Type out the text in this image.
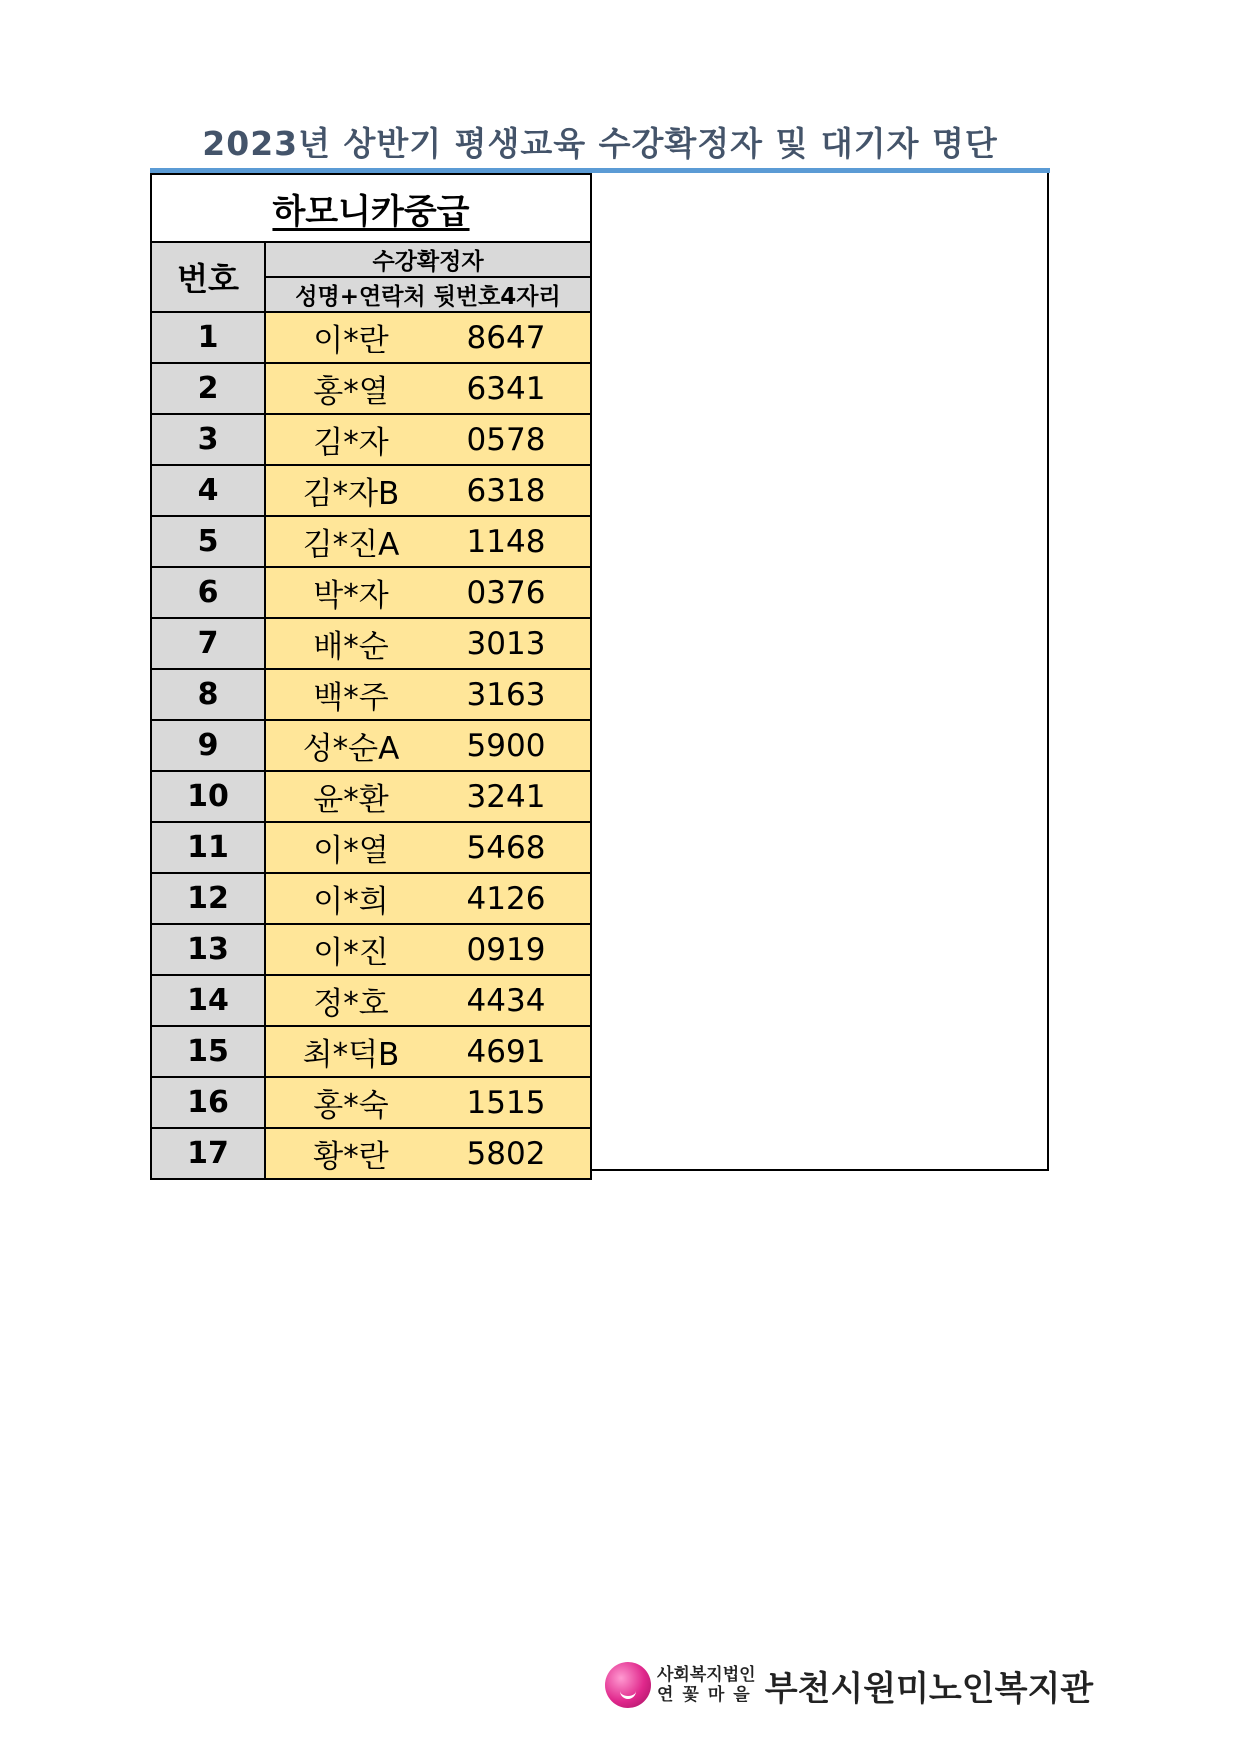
2023년 상반기 평생교육 수강확정자 및 대기자 명단
하모니카중급	
번호	수강확정자
	성명+연락처 뒷번호4자리
1	이*란 8647

2	홍*열 6341

3	김*자 0578

4	김*자B 6318

5	김*진A 1148

6	박*자 0376

7	배*순 3013

8	백*주 3163

9	성*순A 5900

10	윤*환 3241

11	이*열 5468

12	이*희 4126

13	이*진 0919

14	정*호 4434

15	최*덕B 4691

16	홍*숙 1515

17	황*란 5802
사회복지법인
연꽃마을 부천시원미노인복지관
